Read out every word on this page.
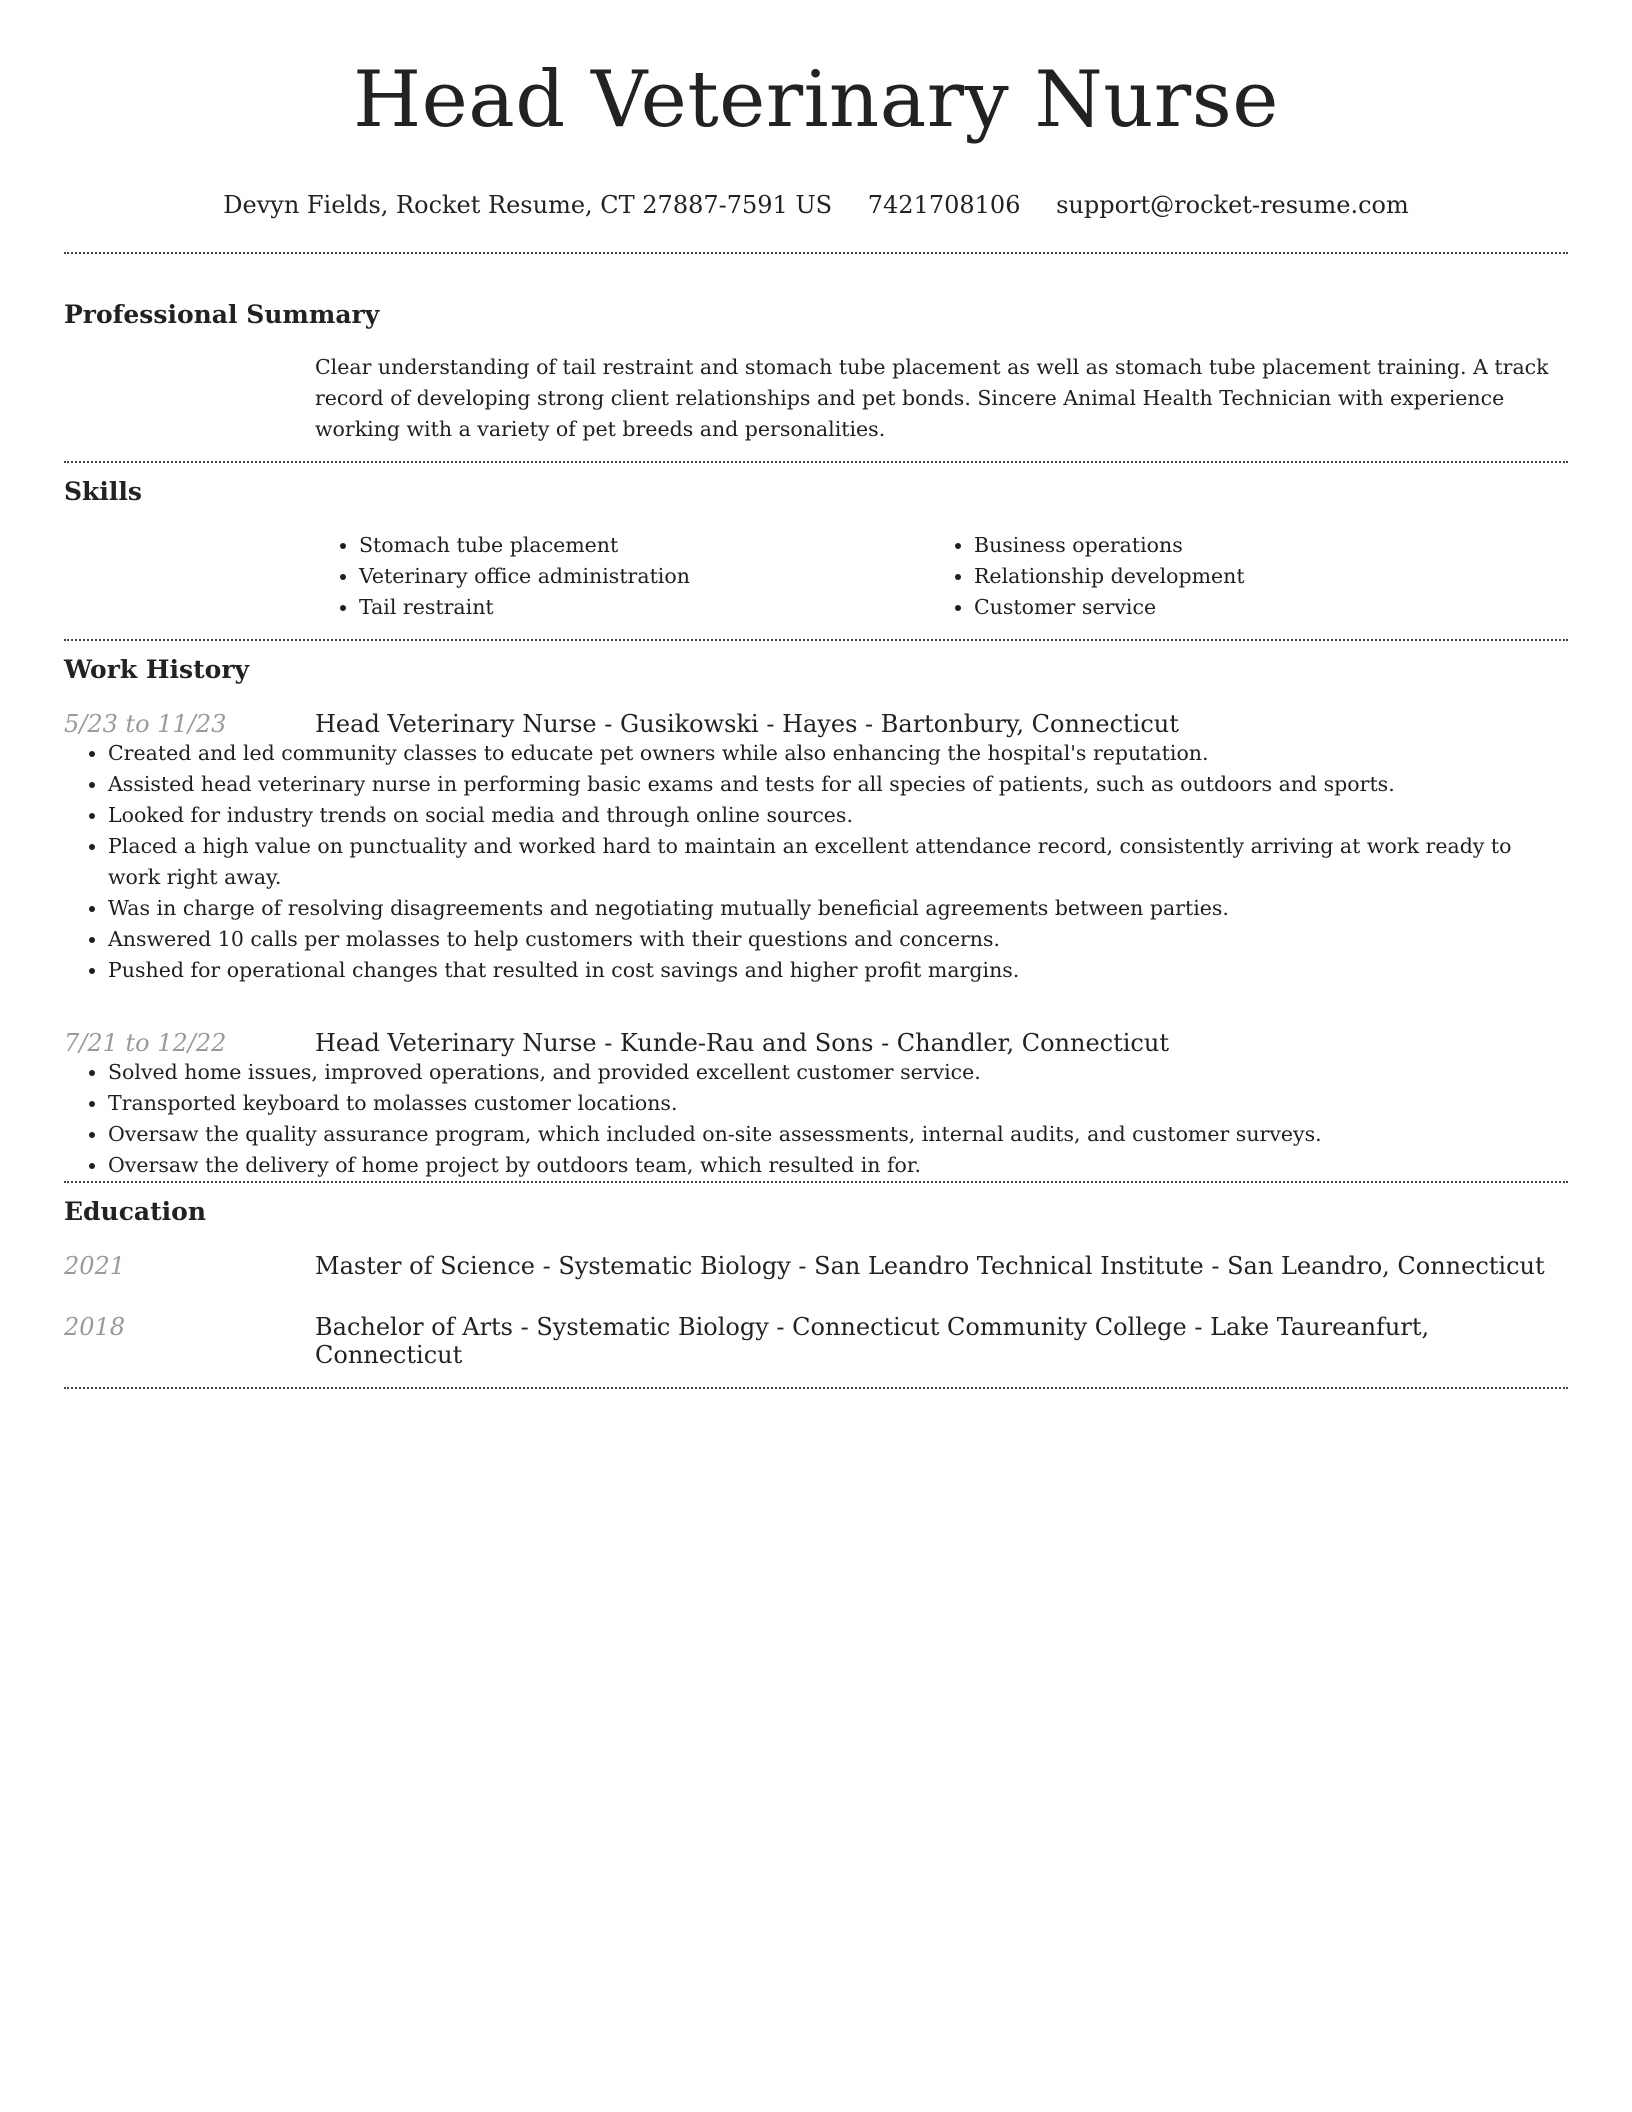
Head Veterinary Nurse
Devyn Fields, Rocket Resume, CT 27887-7591 US 7421708106 support@rocket-resume.com
Professional Summary

Clear understanding of tail restraint and stomach tube placement as well as stomach tube placement training. A track record of developing strong client relationships and pet bonds. Sincere Animal Health Technician with experience working with a variety of pet breeds and personalities.

Skills
• Stomach tube placement
• Veterinary office administration
• Tail restraint
• Business operations
• Relationship development
• Customer service
Work History
5/23 to 11/23	Head Veterinary Nurse - Gusikowski - Hayes - Bartonbury, Connecticut
• Created and led community classes to educate pet owners while also enhancing the hospital's reputation.
• Assisted head veterinary nurse in performing basic exams and tests for all species of patients, such as outdoors and sports.
• Looked for industry trends on social media and through online sources.
• Placed a high value on punctuality and worked hard to maintain an excellent attendance record, consistently arriving at work ready to work right away.
• Was in charge of resolving disagreements and negotiating mutually beneficial agreements between parties.
• Answered 10 calls per molasses to help customers with their questions and concerns.
• Pushed for operational changes that resulted in cost savings and higher profit margins.
7/21 to 12/22	Head Veterinary Nurse - Kunde-Rau and Sons - Chandler, Connecticut
• Solved home issues, improved operations, and provided excellent customer service.
• Transported keyboard to molasses customer locations.
• Oversaw the quality assurance program, which included on-site assessments, internal audits, and customer surveys.
• Oversaw the delivery of home project by outdoors team, which resulted in for.
Education
2021	Master of Science - Systematic Biology - San Leandro Technical Institute - San Leandro, Connecticut
2018	Bachelor of Arts - Systematic Biology - Connecticut Community College - Lake Taureanfurt, Connecticut
